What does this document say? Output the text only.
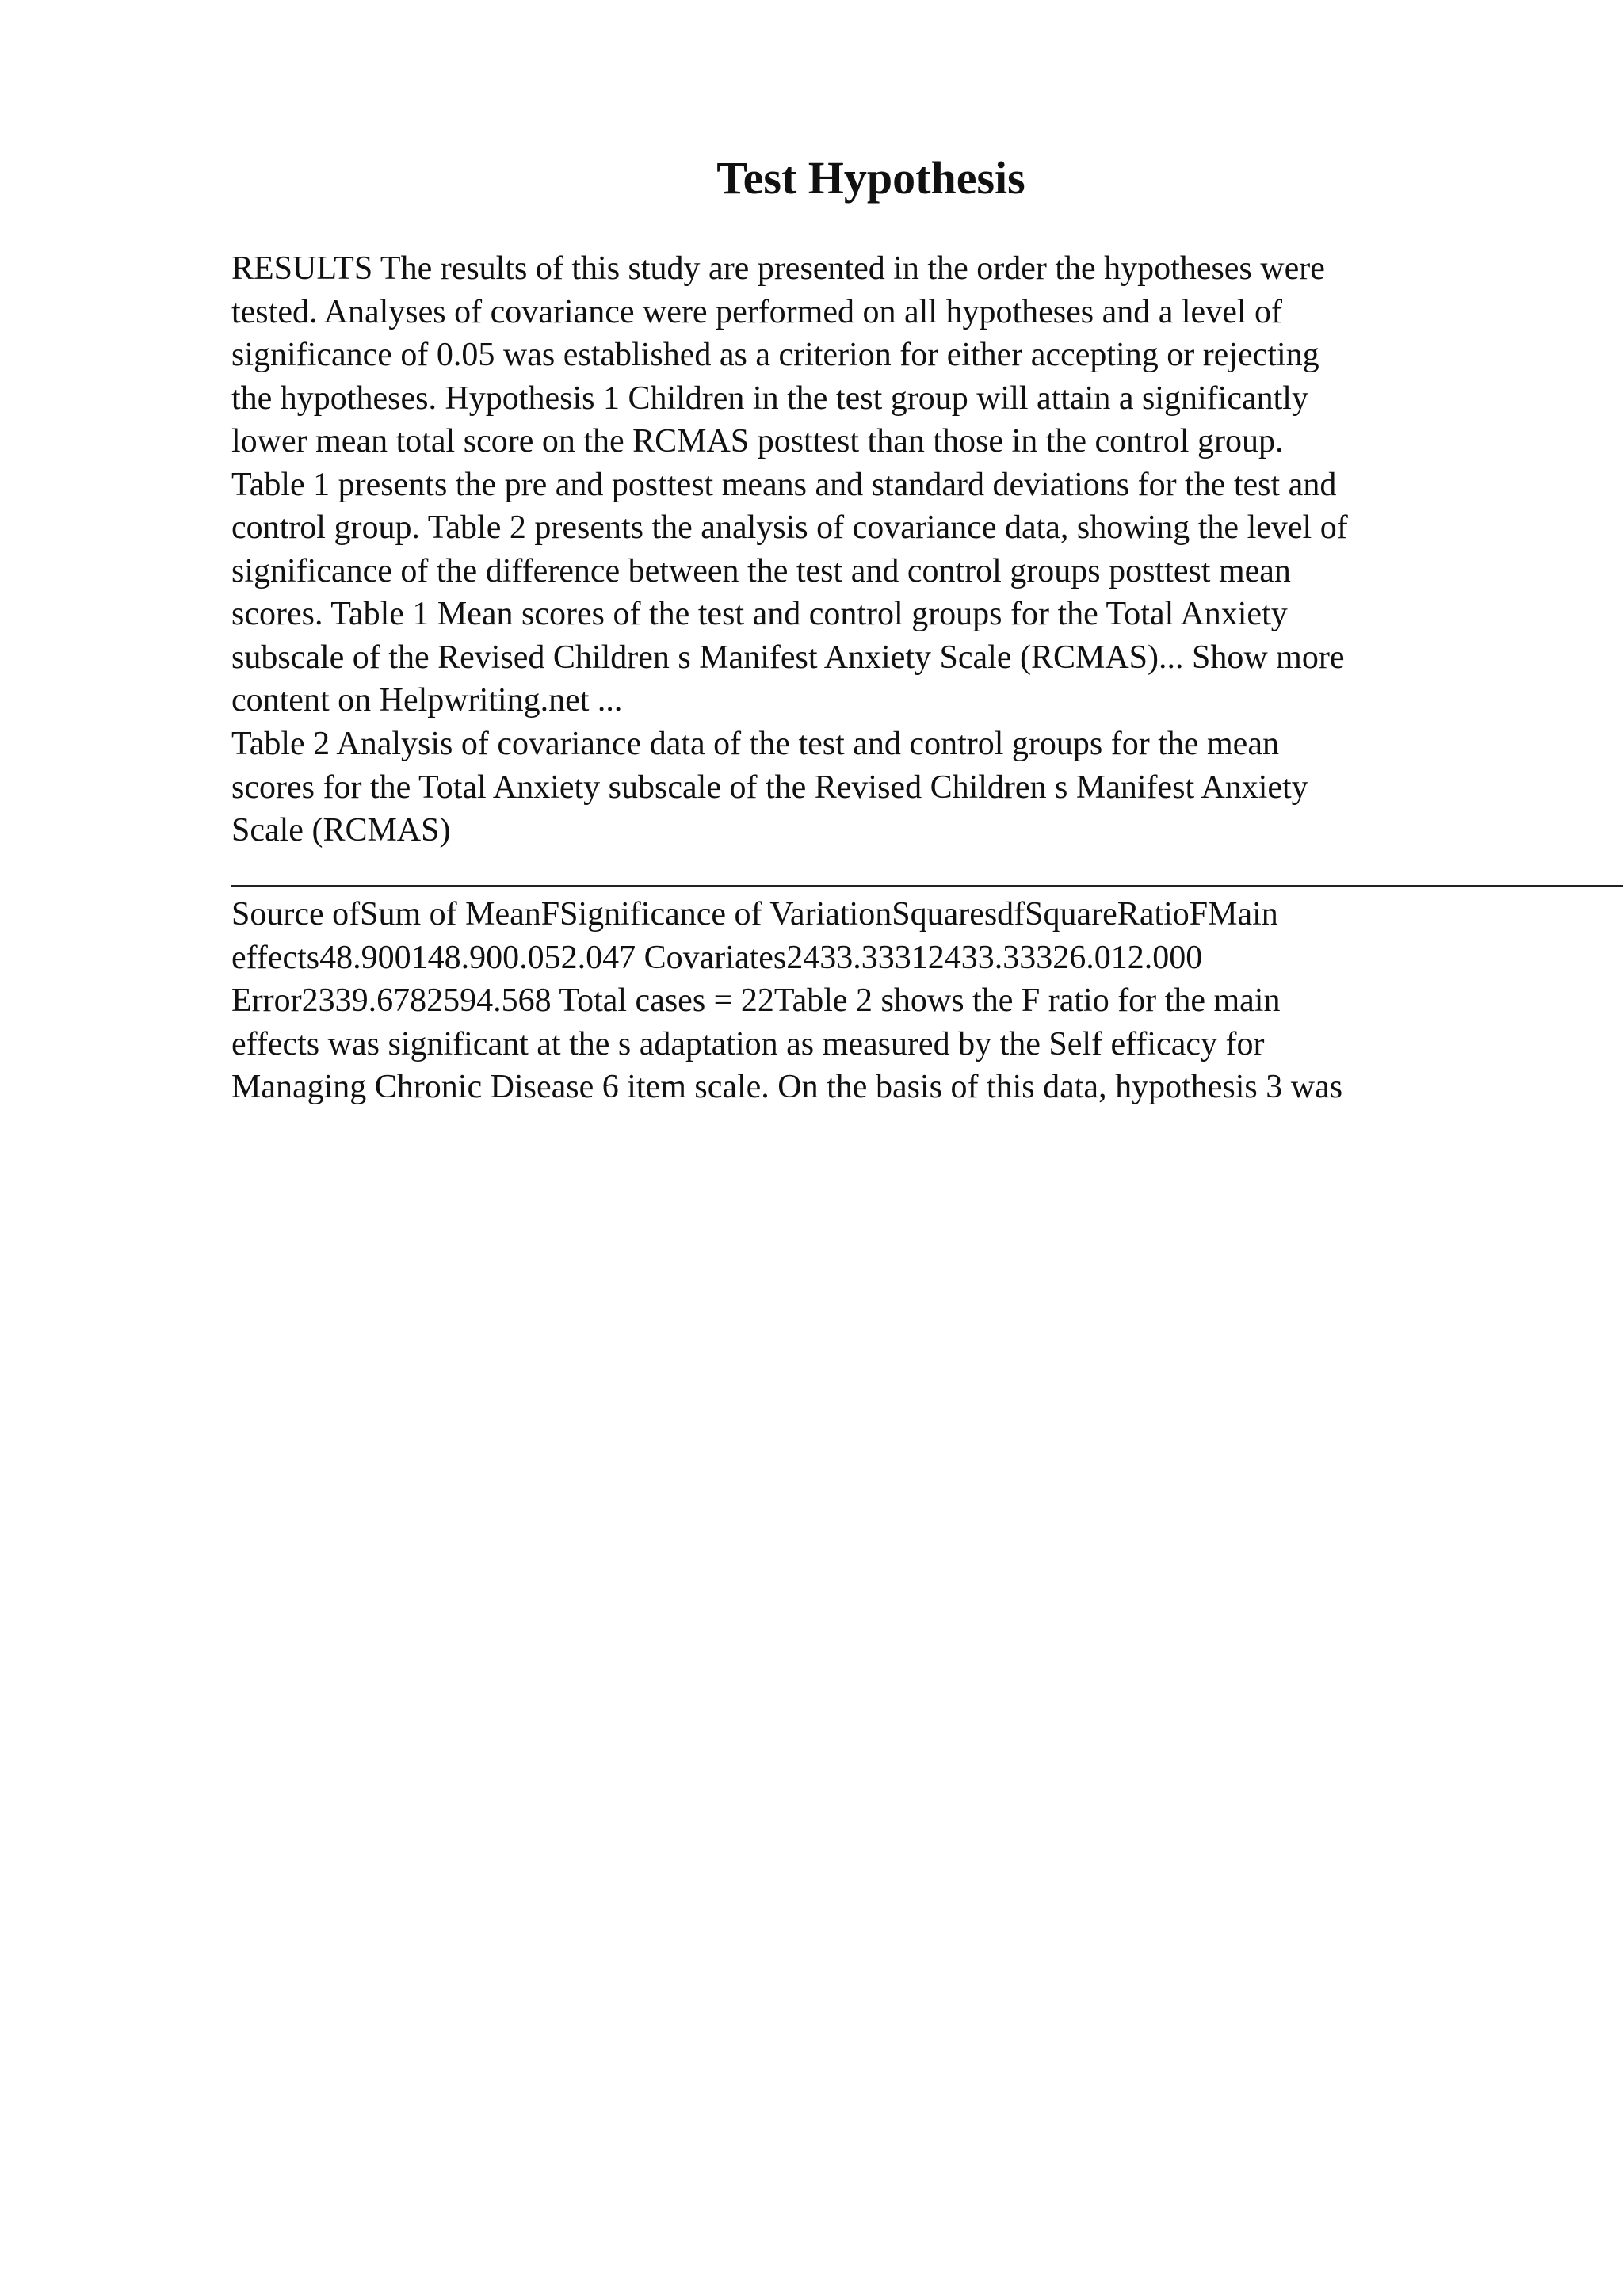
Test Hypothesis

RESULTS The results of this study are presented in the order the hypotheses were
tested. Analyses of covariance were performed on all hypotheses and a level of
significance of 0.05 was established as a criterion for either accepting or rejecting
the hypotheses. Hypothesis 1 Children in the test group will attain a significantly
lower mean total score on the RCMAS posttest than those in the control group.
Table 1 presents the pre and posttest means and standard deviations for the test and
control group. Table 2 presents the analysis of covariance data, showing the level of
significance of the difference between the test and control groups posttest mean
scores. Table 1 Mean scores of the test and control groups for the Total Anxiety
subscale of the Revised Children s Manifest Anxiety Scale (RCMAS)... Show more
content on Helpwriting.net ...

Table 2 Analysis of covariance data of the test and control groups for the mean
scores for the Total Anxiety subscale of the Revised Children s Manifest Anxiety
Scale (RCMAS)

Source ofSum of MeanFSignificance of VariationSquaresdfSquareRatioFMain
effects48.900148.900.052.047 Covariates2433.33312433.33326.012.000
Error2339.6782594.568 Total cases = 22Table 2 shows the F ratio for the main
effects was significant at the s adaptation as measured by the Self efficacy for
Managing Chronic Disease 6 item scale. On the basis of this data, hypothesis 3 was
